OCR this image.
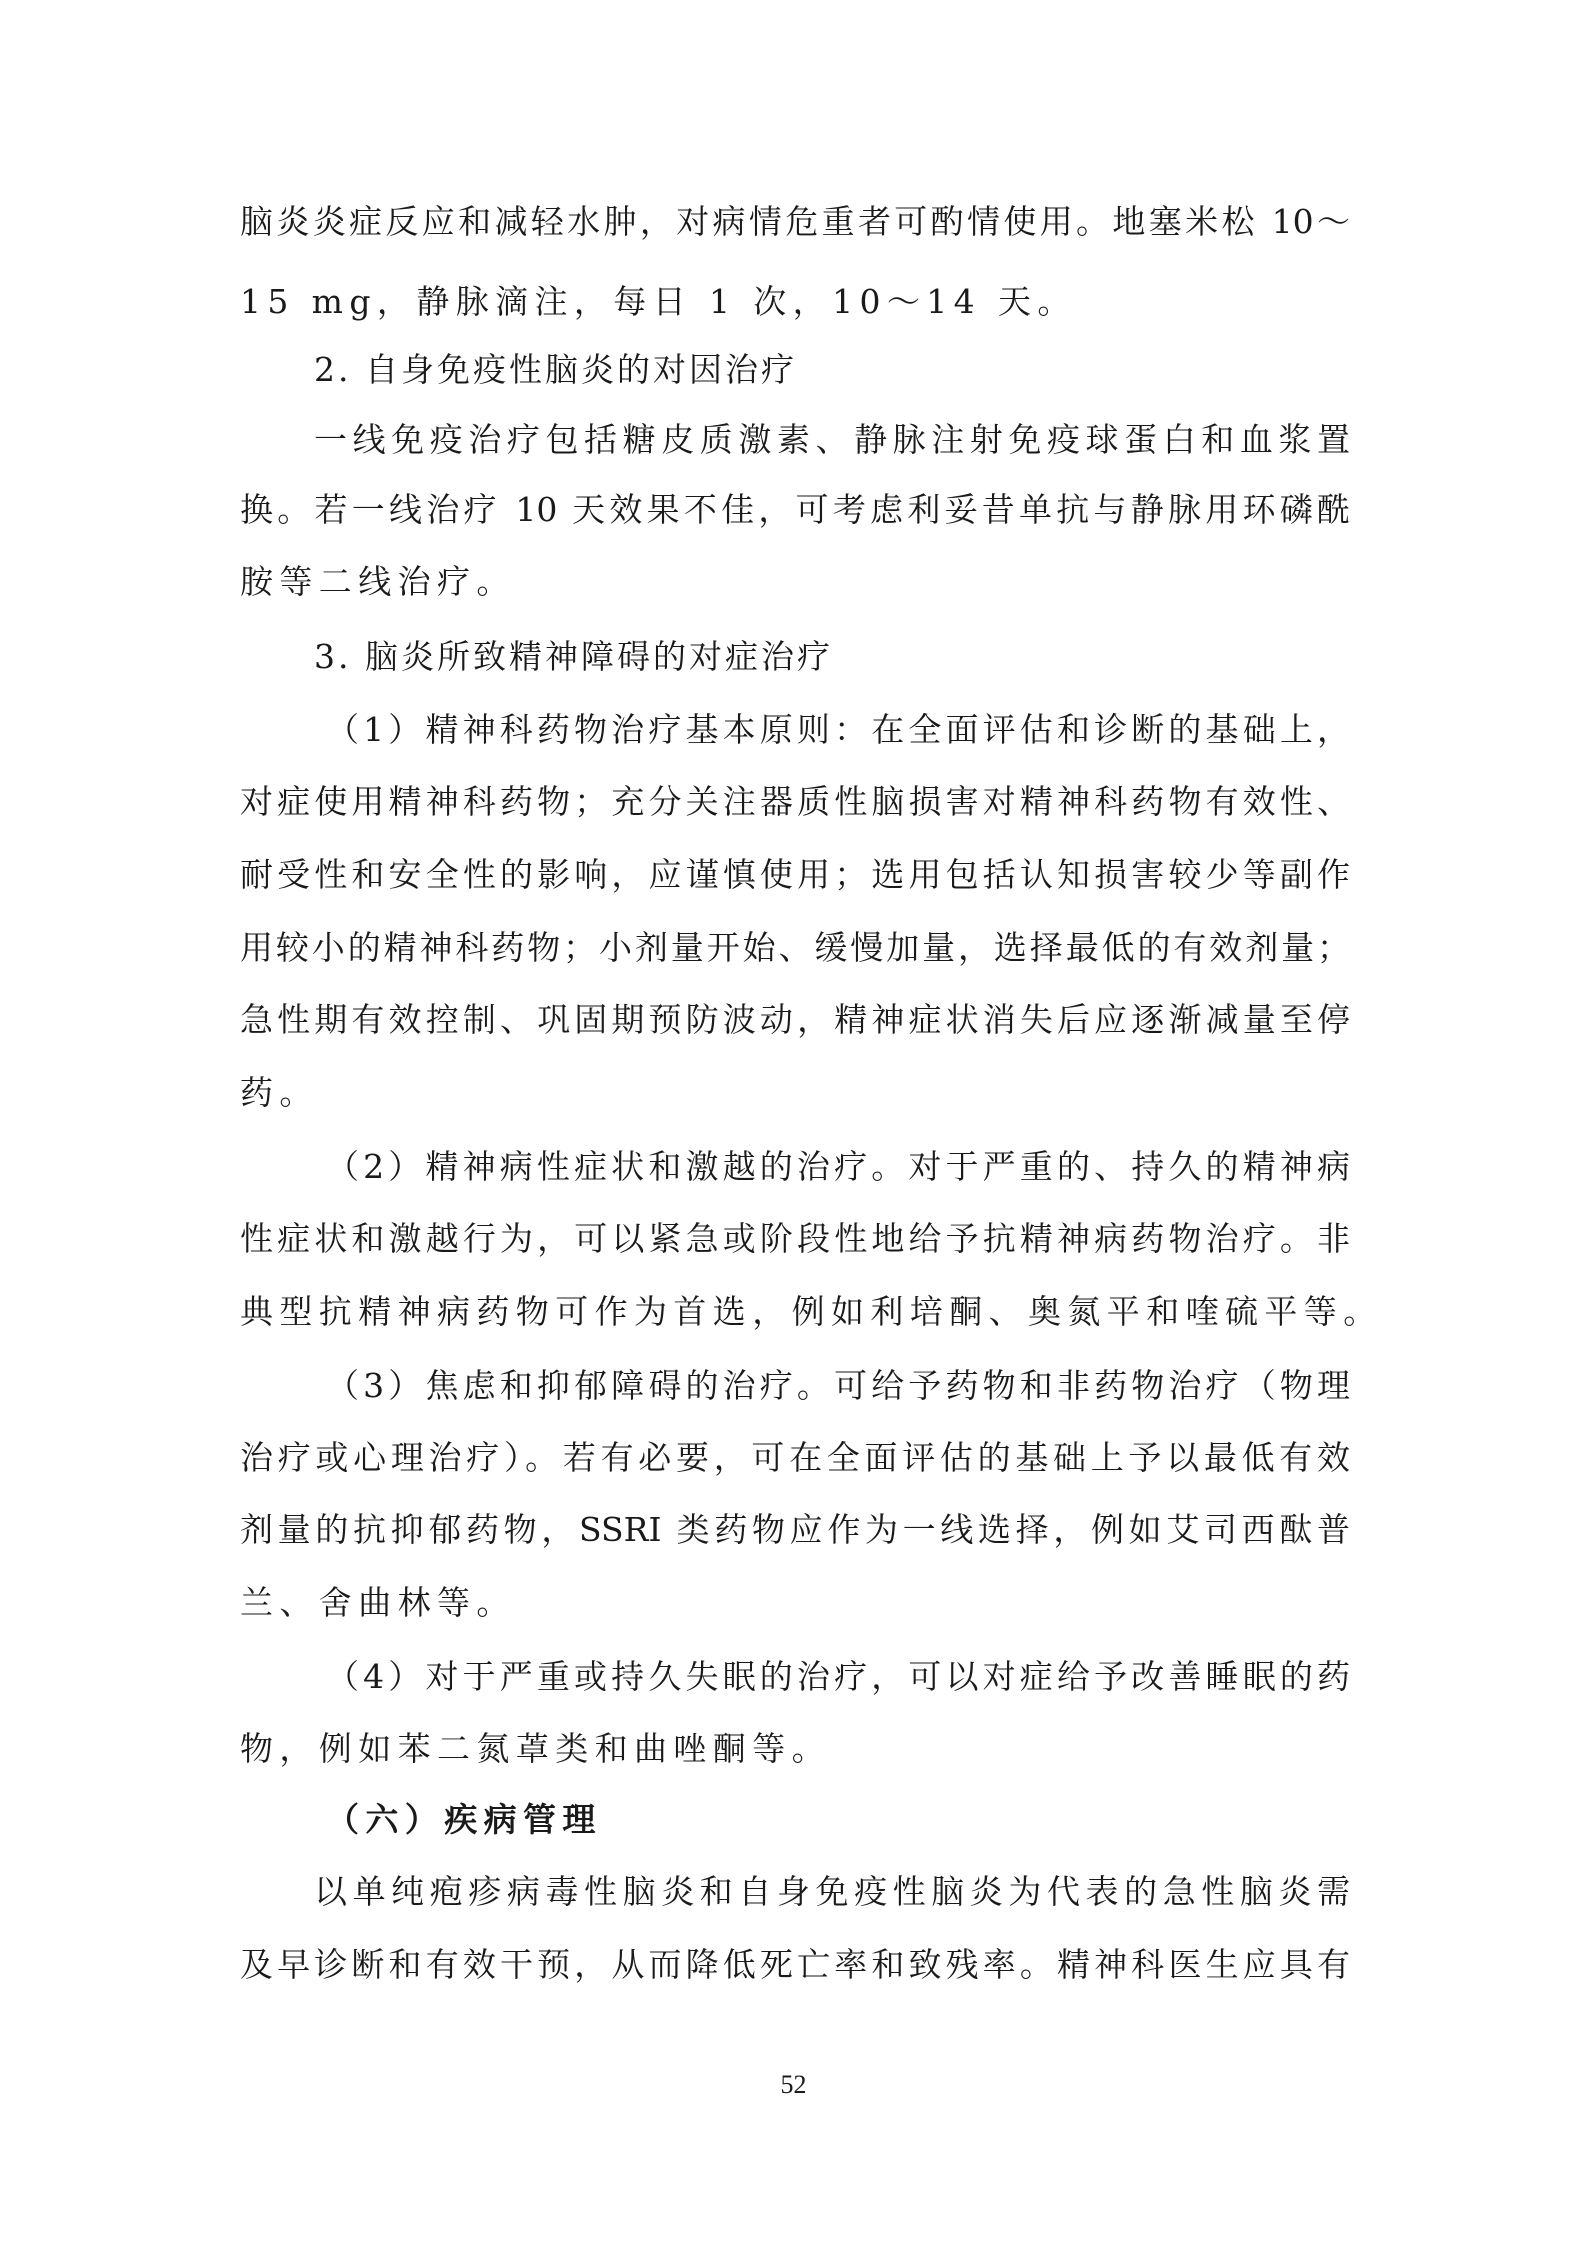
脑炎炎症反应和减轻水肿，对病情危重者可酌情使用。地塞米松 10～
15 mg，静脉滴注，每日 1 次，10～14 天。
2. 自身免疫性脑炎的对因治疗
一线免疫治疗包括糖皮质激素、静脉注射免疫球蛋白和血浆置
换。若一线治疗 10 天效果不佳，可考虑利妥昔单抗与静脉用环磷酰
胺等二线治疗。
3. 脑炎所致精神障碍的对症治疗
（1）精神科药物治疗基本原则：在全面评估和诊断的基础上，
对症使用精神科药物；充分关注器质性脑损害对精神科药物有效性、
耐受性和安全性的影响，应谨慎使用；选用包括认知损害较少等副作
用较小的精神科药物；小剂量开始、缓慢加量，选择最低的有效剂量；
急性期有效控制、巩固期预防波动，精神症状消失后应逐渐减量至停
药。
（2）精神病性症状和激越的治疗。对于严重的、持久的精神病
性症状和激越行为，可以紧急或阶段性地给予抗精神病药物治疗。非
典型抗精神病药物可作为首选，例如利培酮、奥氮平和喹硫平等。
（3）焦虑和抑郁障碍的治疗。可给予药物和非药物治疗（物理
治疗或心理治疗）。若有必要，可在全面评估的基础上予以最低有效
剂量的抗抑郁药物，SSRI 类药物应作为一线选择，例如艾司西酞普
兰、舍曲林等。
（4）对于严重或持久失眠的治疗，可以对症给予改善睡眠的药
物，例如苯二氮䓬类和曲唑酮等。
（六）疾病管理
以单纯疱疹病毒性脑炎和自身免疫性脑炎为代表的急性脑炎需
及早诊断和有效干预，从而降低死亡率和致残率。精神科医生应具有
52
